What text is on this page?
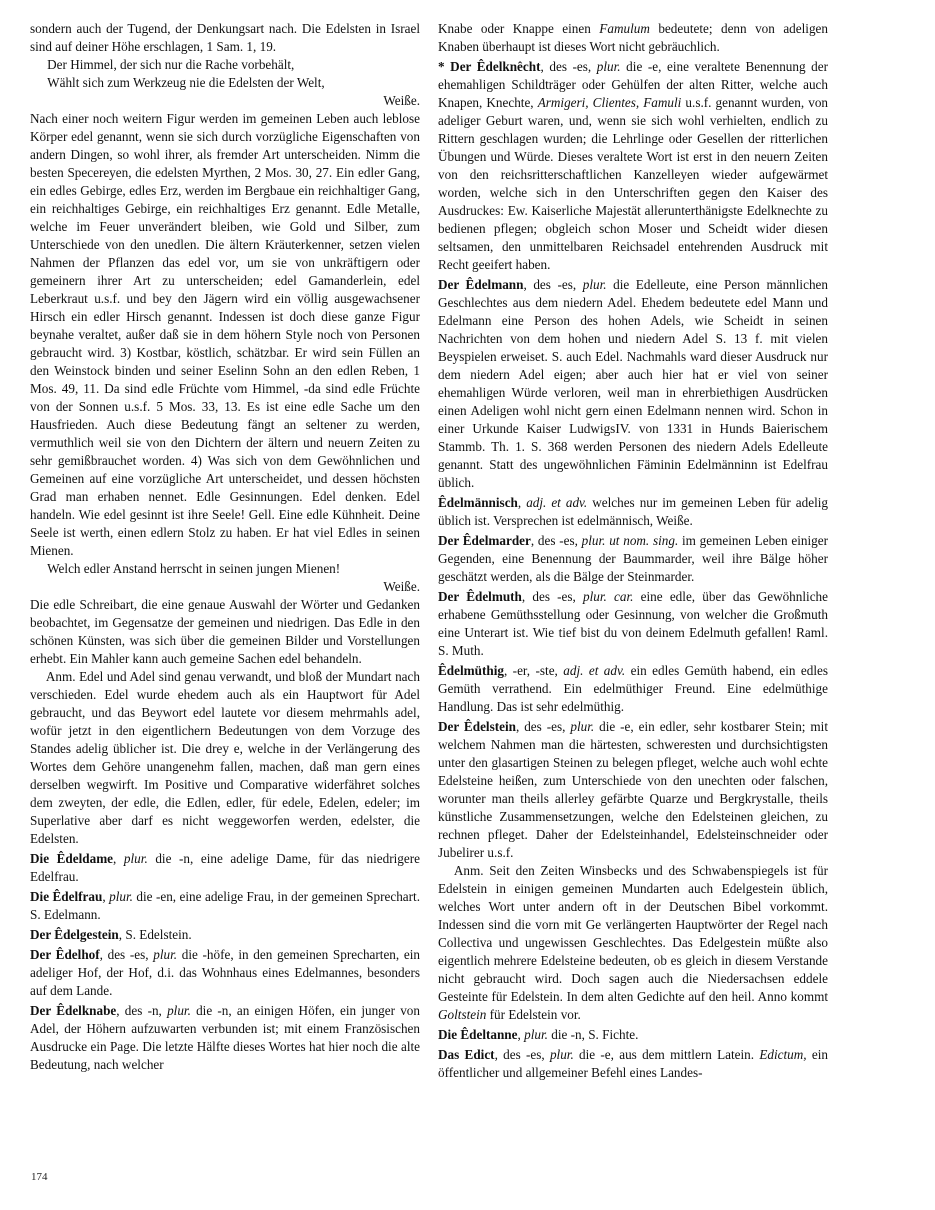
sondern auch der Tugend, der Denkungsart nach. Die Edelsten in Israel sind auf deiner Höhe erschlagen, 1 Sam. 1, 19.

Der Himmel, der sich nur die Rache vorbehält,

Wählt sich zum Werkzeug nie die Edelsten der Welt,

Weiße.

Nach einer noch weitern Figur werden im gemeinen Leben auch leblose Körper edel genannt, wenn sie sich durch vorzügliche Eigenschaften von andern Dingen, so wohl ihrer, als fremder Art unterscheiden. Nimm die besten Specereyen, die edelsten Myrthen, 2 Mos. 30, 27. Ein edler Gang, ein edles Gebirge, edles Erz, werden im Bergbaue ein reichhaltiger Gang, ein reichhaltiges Gebirge, ein reichhaltiges Erz genannt. Edle Metalle, welche im Feuer unverändert bleiben, wie Gold und Silber, zum Unterschiede von den unedlen. Die ältern Kräuterkenner, setzen vielen Nahmen der Pflanzen das edel vor, um sie von unkräftigern oder gemeinern ihrer Art zu unterscheiden; edel Gamanderlein, edel Leberkraut u.s.f. und bey den Jägern wird ein völlig ausgewachsener Hirsch ein edler Hirsch genannt. Indessen ist doch diese ganze Figur beynahe veraltet, außer daß sie in dem höhern Style noch von Personen gebraucht wird. 3) Kostbar, köstlich, schätzbar. Er wird sein Füllen an den Weinstock binden und seiner Eselinn Sohn an den edlen Reben, 1 Mos. 49, 11. Da sind edle Früchte vom Himmel, -da sind edle Früchte von der Sonnen u.s.f. 5 Mos. 33, 13. Es ist eine edle Sache um den Hausfrieden. Auch diese Bedeutung fängt an seltener zu werden, vermuthlich weil sie von den Dichtern der ältern und neuern Zeiten zu sehr gemißbrauchet worden. 4) Was sich von dem Gewöhnlichen und Gemeinen auf eine vorzügliche Art unterscheidet, und dessen höchsten Grad man erhaben nennet. Edle Gesinnungen. Edel denken. Edel handeln. Wie edel gesinnt ist ihre Seele! Gell. Eine edle Kühnheit. Deine Seele ist werth, einen edlern Stolz zu haben. Er hat viel Edles in seinen Mienen.

Welch edler Anstand herrscht in seinen jungen Mienen!

Weiße.

Die edle Schreibart, die eine genaue Auswahl der Wörter und Gedanken beobachtet, im Gegensatze der gemeinen und niedrigen. Das Edle in den schönen Künsten, was sich über die gemeinen Bilder und Vorstellungen erhebt. Ein Mahler kann auch gemeine Sachen edel behandeln.

Anm. Edel und Adel sind genau verwandt, und bloß der Mundart nach verschieden. Edel wurde ehedem auch als ein Hauptwort für Adel gebraucht, und das Beywort edel lautete vor diesem mehrmahls adel, wofür jetzt in den eigentlichern Bedeutungen von dem Vorzuge des Standes adelig üblicher ist. Die drey e, welche in der Verlängerung des Wortes dem Gehöre unangenehm fallen, machen, daß man gern eines derselben wegwirft. Im Positive und Comparative widerfähret solches dem zweyten, der edle, die Edlen, edler, für edele, Edelen, edeler; im Superlative aber darf es nicht weggeworfen werden, edelster, die Edelsten.

Die Êdeldame, plur. die -n, eine adelige Dame, für das niedrigere Edelfrau.

Die Êdelfrau, plur. die -en, eine adelige Frau, in der gemeinen Sprechart. S. Edelmann.

Der Êdelgestein, S. Edelstein.

Der Êdelhof, des -es, plur. die -höfe, in den gemeinen Sprecharten, ein adeliger Hof, der Hof, d.i. das Wohnhaus eines Edelmannes, besonders auf dem Lande.

Der Êdelknabe, des -n, plur. die -n, an einigen Höfen, ein junger von Adel, der Höhern aufzuwarten verbunden ist; mit einem Französischen Ausdrucke ein Page. Die letzte Hälfte dieses Wortes hat hier noch die alte Bedeutung, nach welcher

Knabe oder Knappe einen Famulum bedeutete; denn von adeligen Knaben überhaupt ist dieses Wort nicht gebräuchlich.

* Der Êdelknêcht, des -es, plur. die -e, eine veraltete Benennung der ehemahligen Schildträger oder Gehülfen der alten Ritter, welche auch Knapen, Knechte, Armigeri, Clientes, Famuli u.s.f. genannt wurden, von adeliger Geburt waren, und, wenn sie sich wohl verhielten, endlich zu Rittern geschlagen wurden; die Lehrlinge oder Gesellen der ritterlichen Übungen und Würde. Dieses veraltete Wort ist erst in den neuern Zeiten von den reichsritterschaftlichen Kanzelleyen wieder aufgewärmet worden, welche sich in den Unterschriften gegen den Kaiser des Ausdruckes: Ew. Kaiserliche Majestät allerunterthänigste Edelknechte zu bedienen pflegen; obgleich schon Moser und Scheidt wider diesen seltsamen, den unmittelbaren Reichsadel entehrenden Ausdruck mit Recht geeifert haben.

Der Êdelmann, des -es, plur. die Edelleute, eine Person männlichen Geschlechtes aus dem niedern Adel. Ehedem bedeutete edel Mann und Edelmann eine Person des hohen Adels, wie Scheidt in seinen Nachrichten von dem hohen und niedern Adel S. 13 f. mit vielen Beyspielen erweiset. S. auch Edel. Nachmahls ward dieser Ausdruck nur dem niedern Adel eigen; aber auch hier hat er viel von seiner ehemahligen Würde verloren, weil man in ehrerbiethigen Ausdrücken einen Adeligen wohl nicht gern einen Edelmann nennen wird. Schon in einer Urkunde Kaiser LudwigsIV. von 1331 in Hunds Baierischem Stammb. Th. 1. S. 368 werden Personen des niedern Adels Edelleute genannt. Statt des ungewöhnlichen Fäminin Edelmänninn ist Edelfrau üblich.

Êdelmännisch, adj. et adv. welches nur im gemeinen Leben für adelig üblich ist. Versprechen ist edelmännisch, Weiße.

Der Êdelmarder, des -es, plur. ut nom. sing. im gemeinen Leben einiger Gegenden, eine Benennung der Baummarder, weil ihre Bälge höher geschätzt werden, als die Bälge der Steinmarder.

Der Êdelmuth, des -es, plur. car. eine edle, über das Gewöhnliche erhabene Gemüthsstellung oder Gesinnung, von welcher die Großmuth eine Unterart ist. Wie tief bist du von deinem Edelmuth gefallen! Raml. S. Muth.

Êdelmüthig, -er, -ste, adj. et adv. ein edles Gemüth habend, ein edles Gemüth verrathend. Ein edelmüthiger Freund. Eine edelmüthige Handlung. Das ist sehr edelmüthig.

Der Êdelstein, des -es, plur. die -e, ein edler, sehr kostbarer Stein; mit welchem Nahmen man die härtesten, schweresten und durchsichtigsten unter den glasartigen Steinen zu belegen pfleget, welche auch wohl echte Edelsteine heißen, zum Unterschiede von den unechten oder falschen, worunter man theils allerley gefärbte Quarze und Bergkrystalle, theils künstliche Zusammensetzungen, welche den Edelsteinen gleichen, zu rechnen pfleget. Daher der Edelsteinhandel, Edelsteinschneider oder Jubelirer u.s.f.

Anm. Seit den Zeiten Winsbecks und des Schwabenspiegels ist für Edelstein in einigen gemeinen Mundarten auch Edelgestein üblich, welches Wort unter andern oft in der Deutschen Bibel vorkommt. Indessen sind die vorn mit Ge verlängerten Hauptwörter der Regel nach Collectiva und ungewissen Geschlechtes. Das Edelgestein müßte also eigentlich mehrere Edelsteine bedeuten, ob es gleich in diesem Verstande nicht gebraucht wird. Doch sagen auch die Niedersachsen eddele Gesteinte für Edelstein. In dem alten Gedichte auf den heil. Anno kommt Goltstein für Edelstein vor.

Die Êdeltanne, plur. die -n, S. Fichte.

Das Edict, des -es, plur. die -e, aus dem mittlern Latein. Edictum, ein öffentlicher und allgemeiner Befehl eines Landes-

174
